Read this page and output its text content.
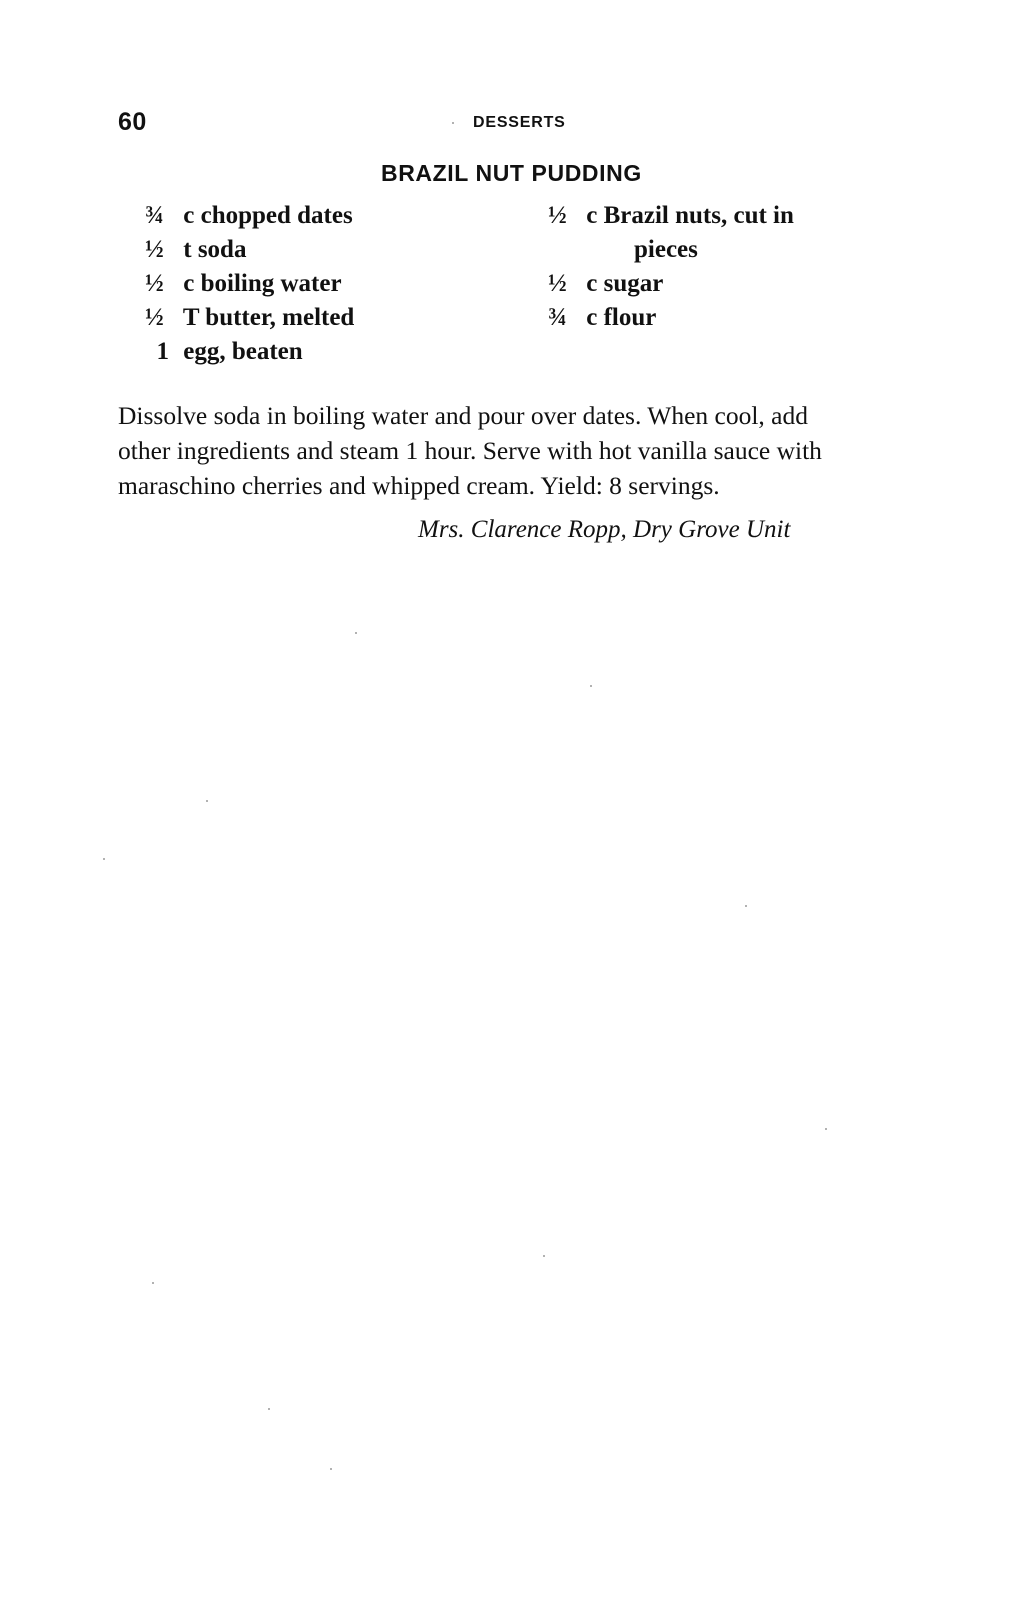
60	DESSERTS
BRAZIL NUT PUDDING
¾ c chopped dates
½ t soda
½ c boiling water
½ T butter, melted
1 egg, beaten
½ c Brazil nuts, cut in
pieces
½ c sugar
¾ c flour
Dissolve soda in boiling water and pour over dates. When cool, add
other ingredients and steam 1 hour. Serve with hot vanilla sauce with
maraschino cherries and whipped cream. Yield: 8 servings.
Mrs. Clarence Ropp, Dry Grove Unit
